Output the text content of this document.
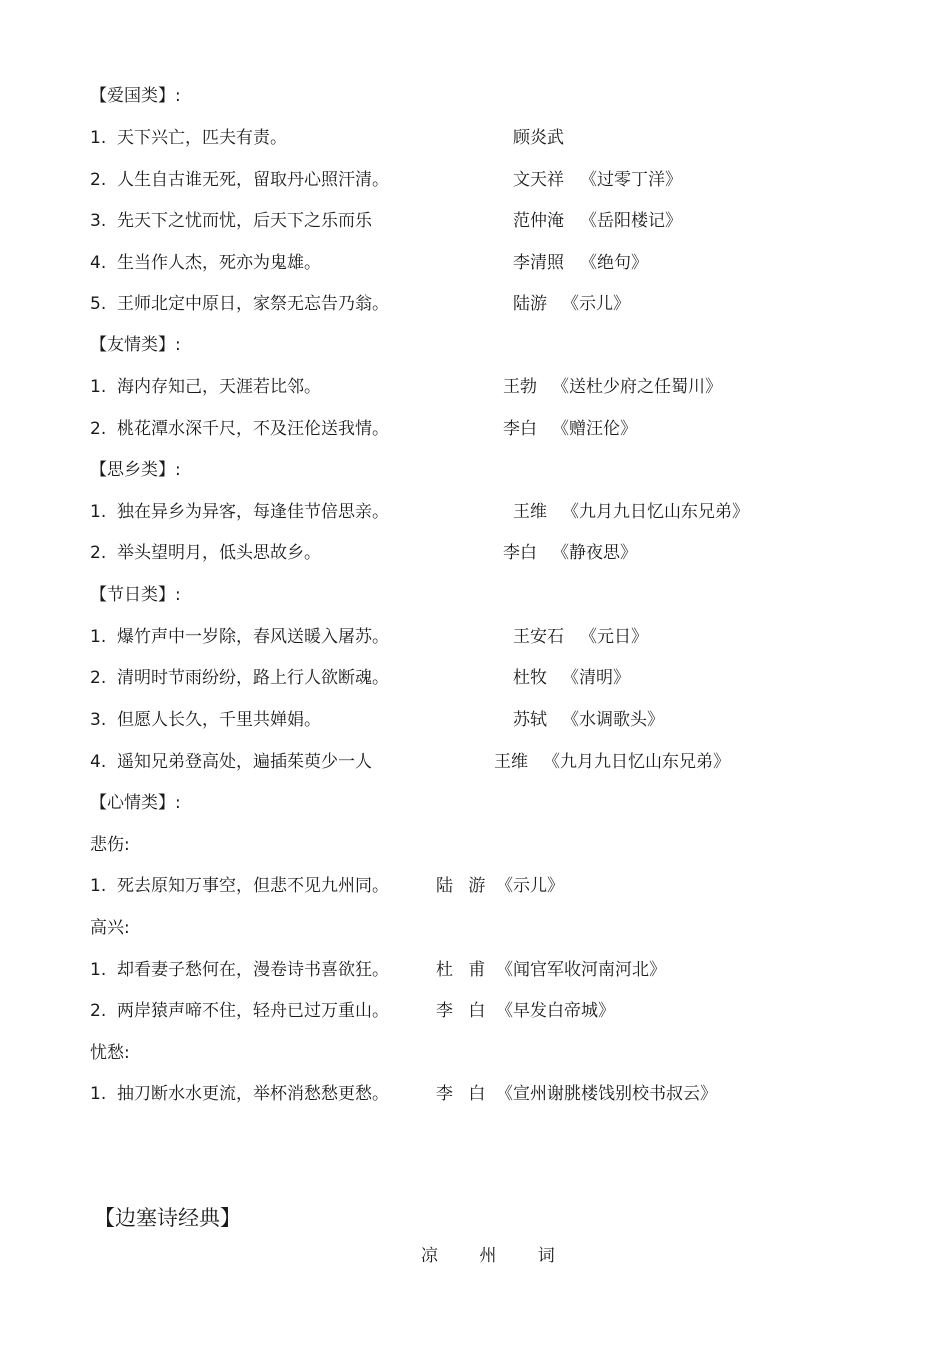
【爱国类】:
1. 天下兴亡，匹夫有责。	顾炎武
2. 人生自古谁无死，留取丹心照汗清。	文天祥 《过零丁洋》
3. 先天下之忧而忧，后天下之乐而乐	范仲淹 《岳阳楼记》
4. 生当作人杰，死亦为鬼雄。	李清照 《绝句》
5. 王师北定中原日，家祭无忘告乃翁。	陆游 《示儿》
【友情类】:
1. 海内存知己，天涯若比邻。	王勃 《送杜少府之任蜀川》
2. 桃花潭水深千尺，不及汪伦送我情。	李白 《赠汪伦》
【思乡类】:
1. 独在异乡为异客，每逢佳节倍思亲。	王维 《九月九日忆山东兄弟》
2. 举头望明月，低头思故乡。	李白 《静夜思》
【节日类】:
1. 爆竹声中一岁除，春风送暖入屠苏。	王安石 《元日》
2. 清明时节雨纷纷，路上行人欲断魂。	杜牧 《清明》
3. 但愿人长久，千里共婵娟。	苏轼 《水调歌头》
4. 遥知兄弟登高处，遍插茱萸少一人	王维 《九月九日忆山东兄弟》
【心情类】:
悲伤:
1. 死去原知万事空，但悲不见九州同。	陆 游 《示儿》
高兴:
1. 却看妻子愁何在，漫卷诗书喜欲狂。	杜 甫 《闻官军收河南河北》
2. 两岸猿声啼不住，轻舟已过万重山。	李 白 《早发白帝城》
忧愁:
1. 抽刀断水水更流，举杯消愁愁更愁。	李 白 《宣州谢朓楼饯别校书叔云》
【边塞诗经典】
凉 州 词
